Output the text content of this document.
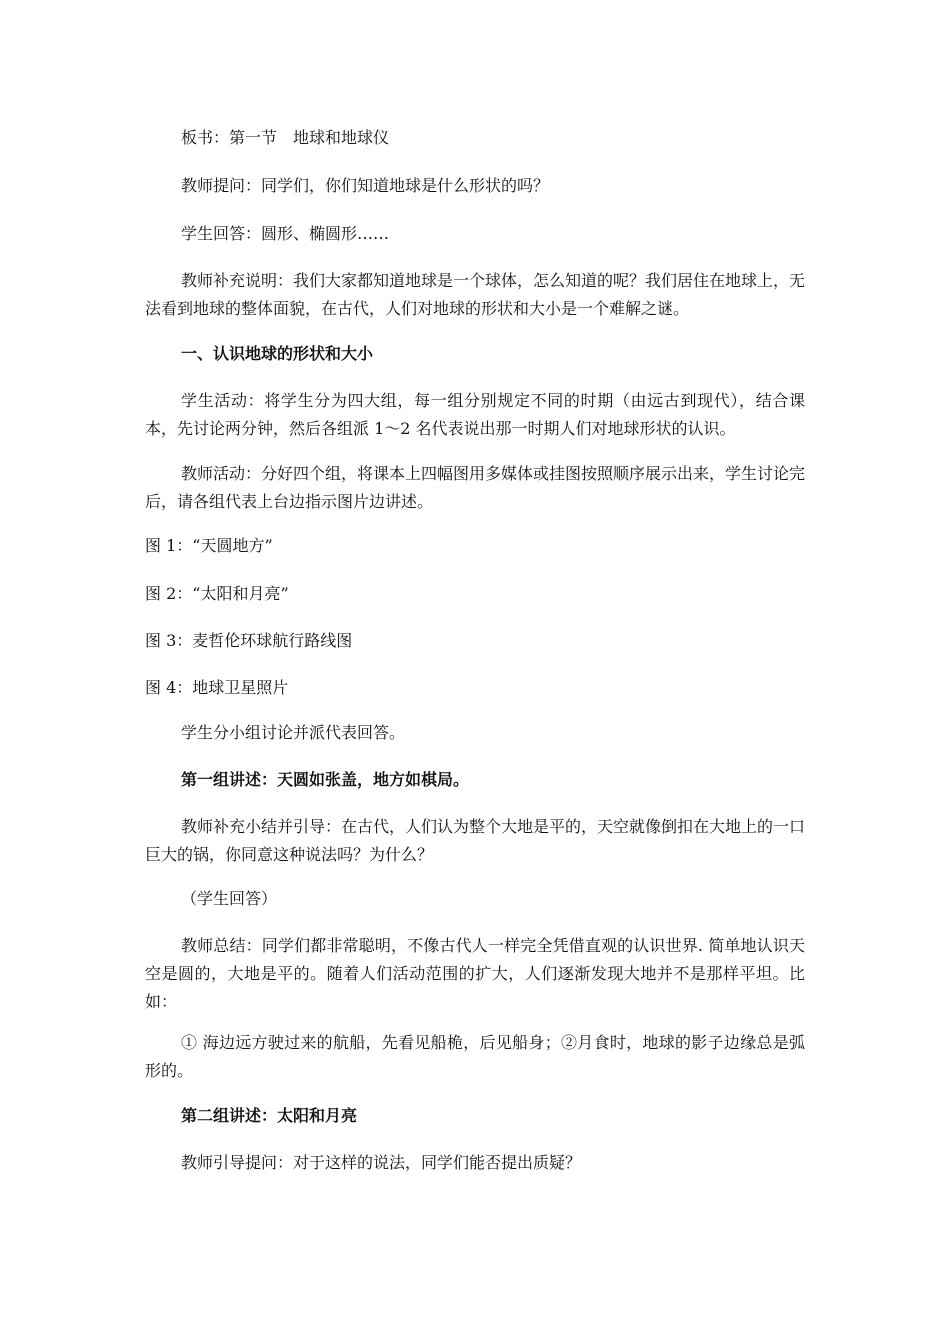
板书：第一节　地球和地球仪

教师提问：同学们，你们知道地球是什么形状的吗？

学生回答：圆形、椭圆形……

教师补充说明：我们大家都知道地球是一个球体，怎么知道的呢？我们居住在地球上，无法看到地球的整体面貌，在古代，人们对地球的形状和大小是一个难解之谜。

一、认识地球的形状和大小

学生活动：将学生分为四大组，每一组分别规定不同的时期（由远古到现代），结合课本，先讨论两分钟，然后各组派 1～2 名代表说出那一时期人们对地球形状的认识。

教师活动：分好四个组，将课本上四幅图用多媒体或挂图按照顺序展示出来，学生讨论完后，请各组代表上台边指示图片边讲述。

图 1：“天圆地方”

图 2：“太阳和月亮”

图 3：麦哲伦环球航行路线图

图 4：地球卫星照片

学生分小组讨论并派代表回答。

第一组讲述：天圆如张盖，地方如棋局。

教师补充小结并引导：在古代，人们认为整个大地是平的，天空就像倒扣在大地上的一口巨大的锅，你同意这种说法吗？为什么？

（学生回答）

教师总结：同学们都非常聪明，不像古代人一样完全凭借直观的认识世界. 简单地认识天空是圆的，大地是平的。随着人们活动范围的扩大，人们逐渐发现大地并不是那样平坦。比如：

① 海边远方驶过来的航船，先看见船桅，后见船身；②月食时，地球的影子边缘总是弧形的。

第二组讲述：太阳和月亮

教师引导提问：对于这样的说法，同学们能否提出质疑？
